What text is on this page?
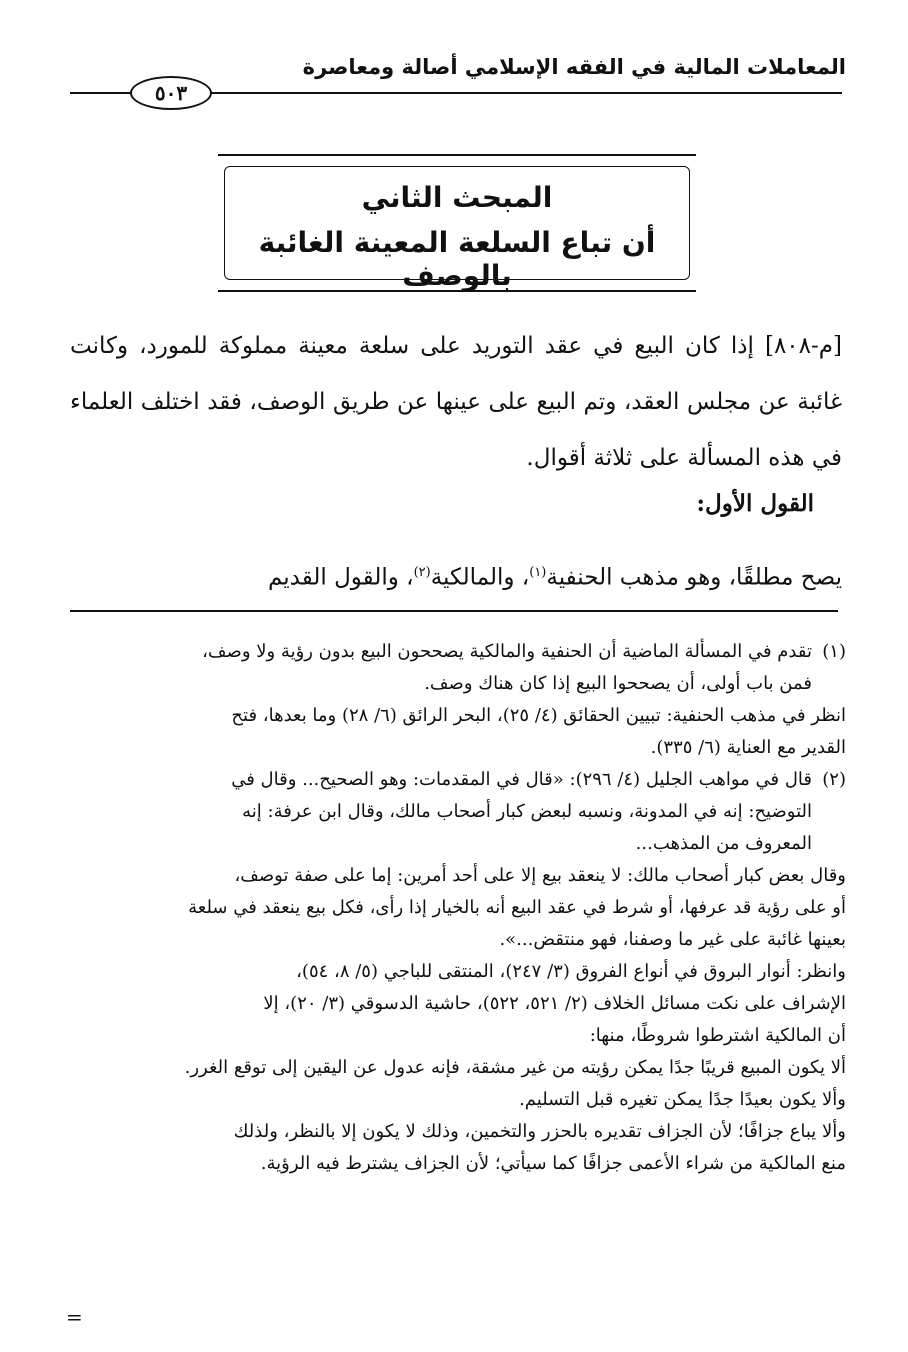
المعاملات المالية في الفقه الإسلامي أصالة ومعاصرة
٥٠٣
المبحث الثاني
أن تباع السلعة المعينة الغائبة بالوصف
[م-٨٠٨] إذا كان البيع في عقد التوريد على سلعة معينة مملوكة للمورد، وكانت غائبة عن مجلس العقد، وتم البيع على عينها عن طريق الوصف، فقد اختلف العلماء في هذه المسألة على ثلاثة أقوال.
القول الأول:
يصح مطلقًا، وهو مذهب الحنفية$^{(١)}$، والمالكية$^{(٢)}$، والقول القديم
(١)
تقدم في المسألة الماضية أن الحنفية والمالكية يصححون البيع بدون رؤية ولا وصف،
فمن باب أولى، أن يصححوا البيع إذا كان هناك وصف.
انظر في مذهب الحنفية: تبيين الحقائق (٤/ ٢٥)، البحر الرائق (٦/ ٢٨) وما بعدها، فتح
القدير مع العناية (٦/ ٣٣٥).
(٢)
قال في مواهب الجليل (٤/ ٢٩٦): «قال في المقدمات: وهو الصحيح... وقال في
التوضيح: إنه في المدونة، ونسبه لبعض كبار أصحاب مالك، وقال ابن عرفة: إنه
المعروف من المذهب...
وقال بعض كبار أصحاب مالك: لا ينعقد بيع إلا على أحد أمرين: إما على صفة توصف،
أو على رؤية قد عرفها، أو شرط في عقد البيع أنه بالخيار إذا رأى، فكل بيع ينعقد في سلعة
بعينها غائبة على غير ما وصفنا، فهو منتقض...».
وانظر: أنوار البروق في أنواع الفروق (٣/ ٢٤٧)، المنتقى للباجي (٥/ ٨، ٥٤)،
الإشراف على نكت مسائل الخلاف (٢/ ٥٢١، ٥٢٢)، حاشية الدسوقي (٣/ ٢٠)، إلا
أن المالكية اشترطوا شروطًا، منها:
ألا يكون المبيع قريبًا جدًا يمكن رؤيته من غير مشقة، فإنه عدول عن اليقين إلى توقع الغرر.
وألا يكون بعيدًا جدًا يمكن تغيره قبل التسليم.
وألا يباع جزافًا؛ لأن الجزاف تقديره بالحزر والتخمين، وذلك لا يكون إلا بالنظر، ولذلك
منع المالكية من شراء الأعمى جزافًا كما سيأتي؛ لأن الجزاف يشترط فيه الرؤية.
=
